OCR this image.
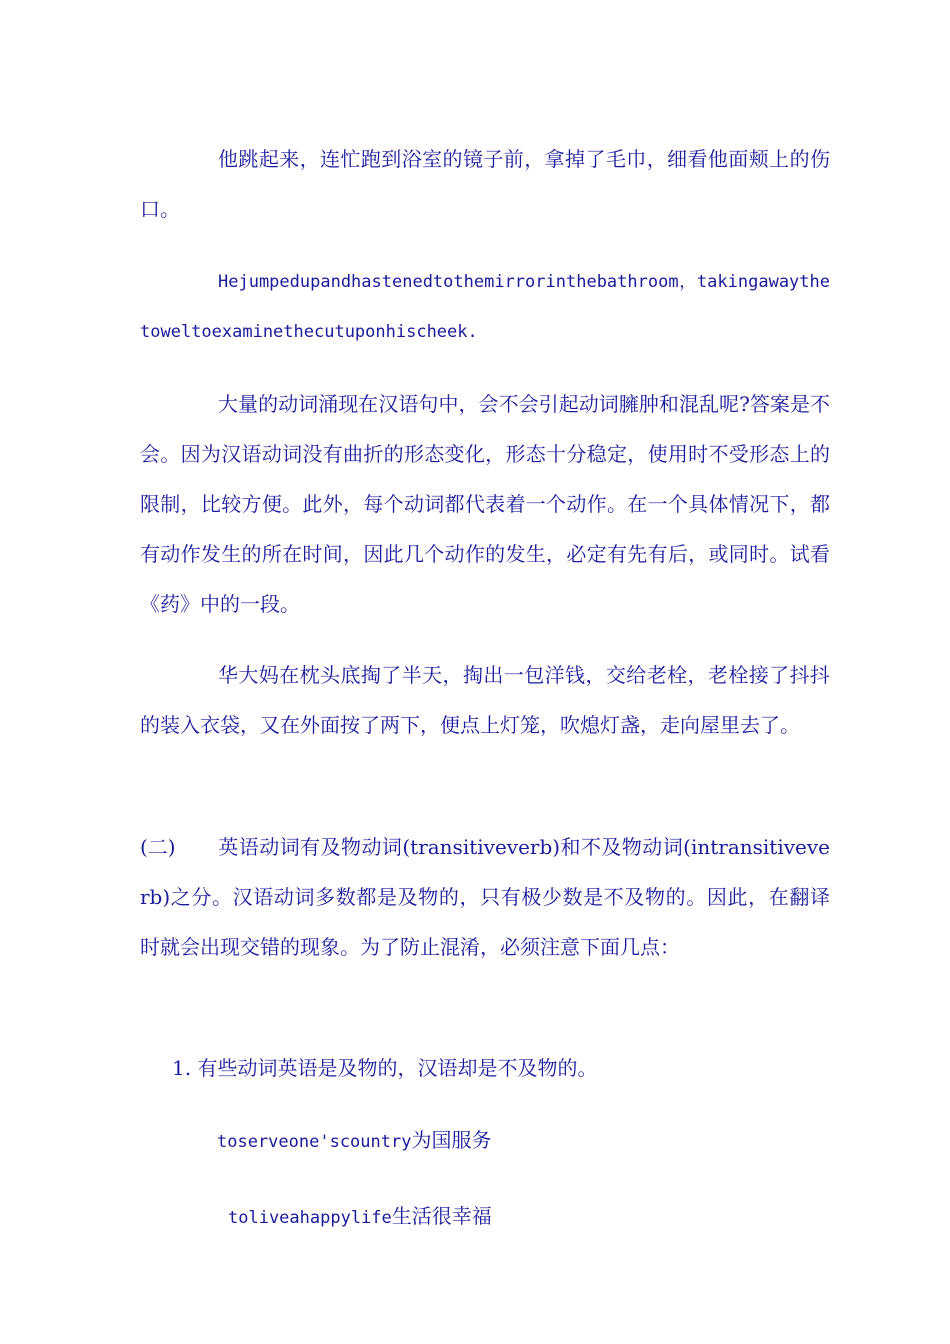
他跳起来，连忙跑到浴室的镜子前，拿掉了毛巾，细看他面颊上的伤口。

Hejumpedupandhastenedtothemirrorinthebathroom，takingawaythetoweltoexaminethecutuponhischeek.

大量的动词涌现在汉语句中，会不会引起动词臃肿和混乱呢?答案是不会。因为汉语动词没有曲折的形态变化，形态十分稳定，使用时不受形态上的限制，比较方便。此外，每个动词都代表着一个动作。在一个具体情况下，都有动作发生的所在时间，因此几个动作的发生，必定有先有后，或同时。试看《药》中的一段。

华大妈在枕头底掏了半天，掏出一包洋钱，交给老栓，老栓接了抖抖的装入衣袋，又在外面按了两下，便点上灯笼，吹熄灯盏，走向屋里去了。

(二) 英语动词有及物动词(transitiveverb)和不及物动词(intransitiveverb)之分。汉语动词多数都是及物的，只有极少数是不及物的。因此，在翻译时就会出现交错的现象。为了防止混淆，必须注意下面几点：

1. 有些动词英语是及物的，汉语却是不及物的。
toserveone'scountry为国服务
toliveahappylife生活很幸福
